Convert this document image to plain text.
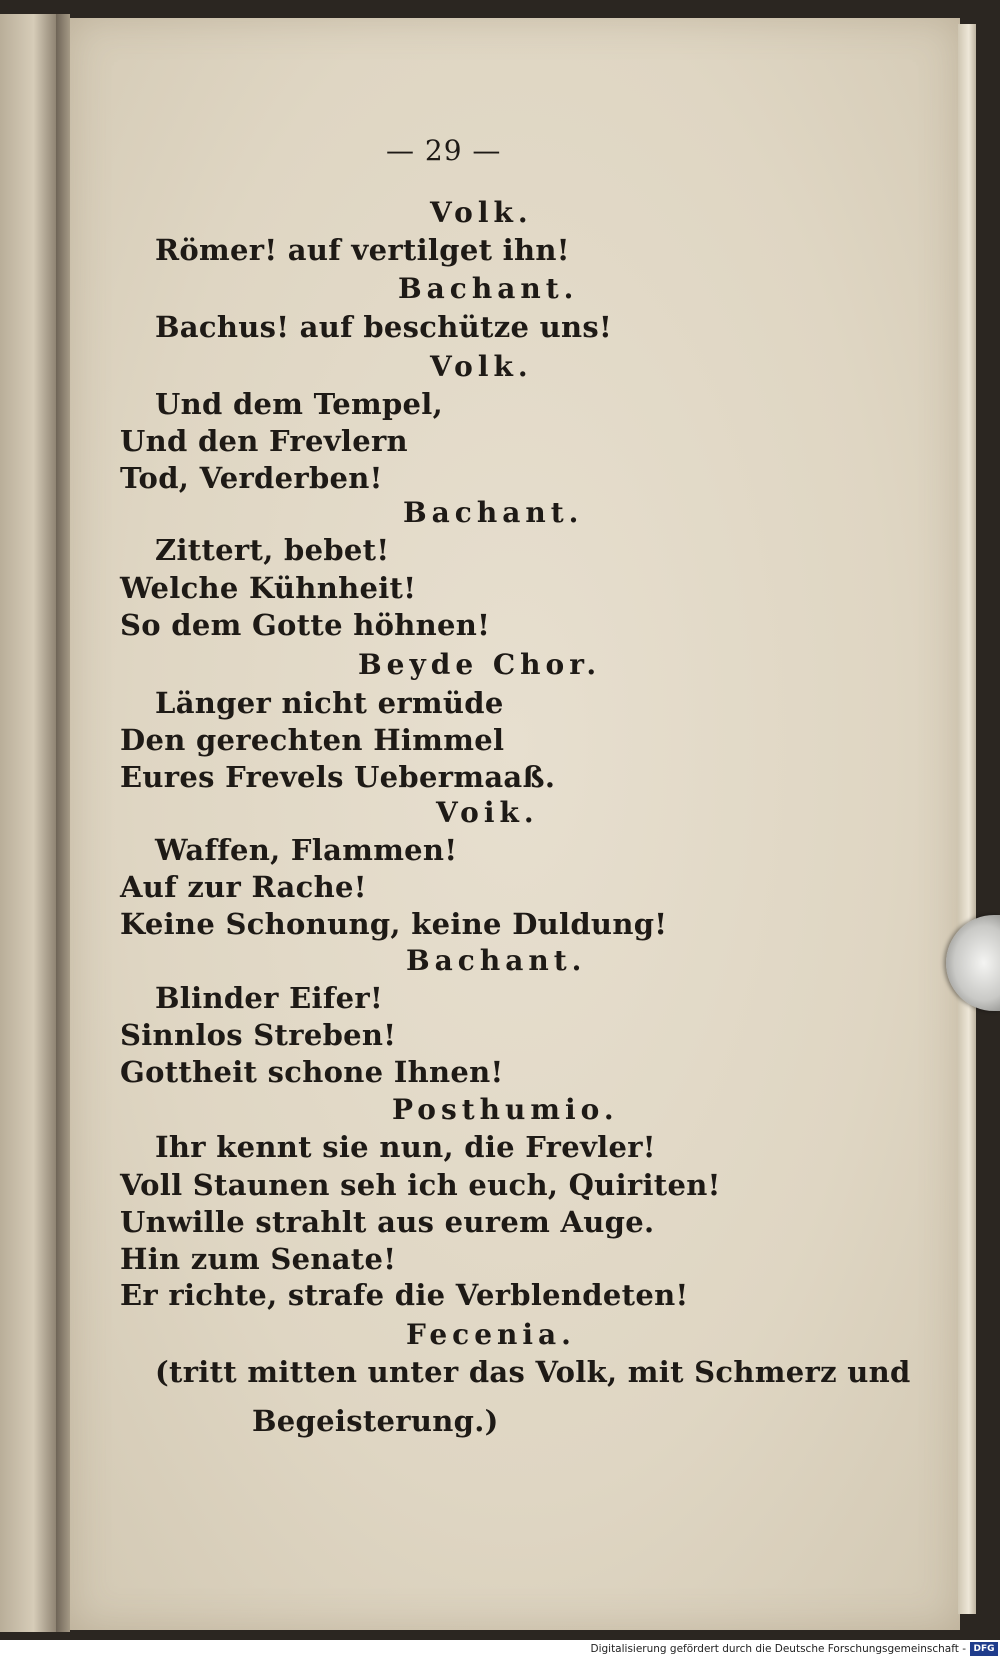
— 29 —
Volk.
Römer! auf vertilget ihn!
Bachant.
Bachus! auf beschütze uns!
Volk.
Und dem Tempel,
Und den Frevlern
Tod, Verderben!
Bachant.
Zittert, bebet!
Welche Kühnheit!
So dem Gotte höhnen!
Beyde Chor.
Länger nicht ermüde
Den gerechten Himmel
Eures Frevels Uebermaaß.
Voik.
Waffen, Flammen!
Auf zur Rache!
Keine Schonung, keine Duldung!
Bachant.
Blinder Eifer!
Sinnlos Streben!
Gottheit schone Ihnen!
Posthumio.
Ihr kennt sie nun, die Frevler!
Voll Staunen seh ich euch, Quiriten!
Unwille strahlt aus eurem Auge.
Hin zum Senate!
Er richte, strafe die Verblendeten!
Fecenia.
(tritt mitten unter das Volk, mit Schmerz und
Begeisterung.)
Digitalisierung gefördert durch die Deutsche Forschungsgemeinschaft - DFG
